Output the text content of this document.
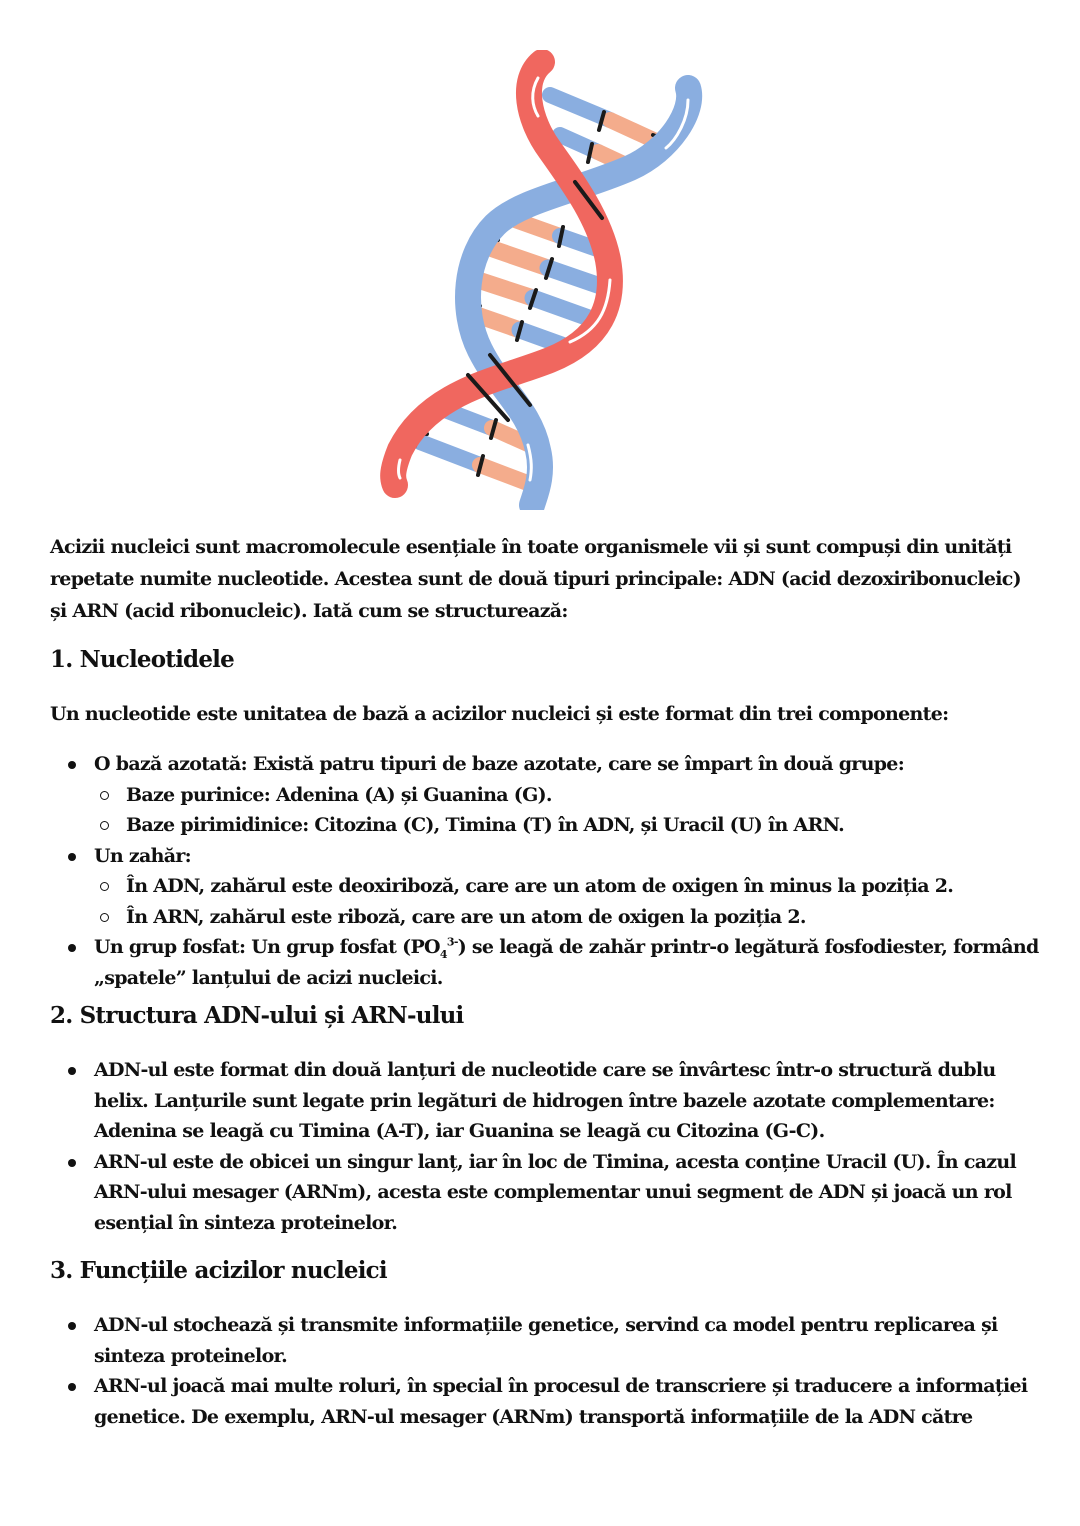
Acizii nucleici sunt macromolecule esențiale în toate organismele vii și sunt compuși din unități repetate numite nucleotide. Acestea sunt de două tipuri principale: ADN (acid dezoxiribonucleic) și ARN (acid ribonucleic). Iată cum se structurează:

1. Nucleotidele

Un nucleotide este unitatea de bază a acizilor nucleici și este format din trei componente:

O bază azotată: Există patru tipuri de baze azotate, care se împart în două grupe:
Baze purinice: Adenina (A) și Guanina (G).
Baze pirimidinice: Citozina (C), Timina (T) în ADN, și Uracil (U) în ARN.
Un zahăr:
În ADN, zahărul este deoxiriboză, care are un atom de oxigen în minus la poziția 2.
În ARN, zahărul este riboză, care are un atom de oxigen la poziția 2.
Un grup fosfat: Un grup fosfat $(PO_4^{3-})$ se leagă de zahăr printr-o legătură fosfodiester, formând „spatele” lanțului de acizi nucleici.
2. Structura ADN-ului și ARN-ului
ADN-ul este format din două lanțuri de nucleotide care se învârtesc într-o structură dublu helix. Lanțurile sunt legate prin legături de hidrogen între bazele azotate complementare: Adenina se leagă cu Timina (A-T), iar Guanina se leagă cu Citozina (G-C).
ARN-ul este de obicei un singur lanț, iar în loc de Timina, acesta conține Uracil (U). În cazul ARN-ului mesager (ARNm), acesta este complementar unui segment de ADN și joacă un rol esențial în sinteza proteinelor.
3. Funcțiile acizilor nucleici
ADN-ul stochează și transmite informațiile genetice, servind ca model pentru replicarea și sinteza proteinelor.
ARN-ul joacă mai multe roluri, în special în procesul de transcriere și traducere a informației genetice. De exemplu, ARN-ul mesager (ARNm) transportă informațiile de la ADN către
